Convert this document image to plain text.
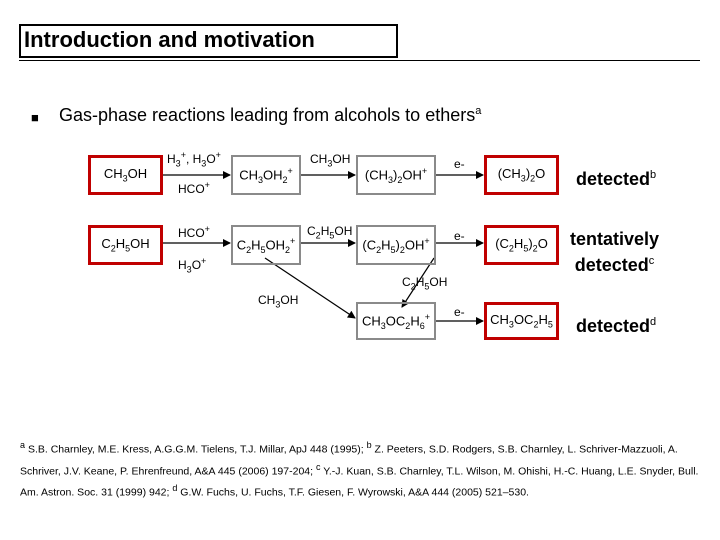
Introduction and motivation
■ Gas-phase reactions leading from alcohols to ethers$^a$
$CH_3OH$
$C_2H_5OH$
$CH_3OH_2^+$
$C_2H_5OH_2^+$
$(CH_3)_2OH^+$
$(C_2H_5)_2OH^+$
$CH_3OC_2H_6^+$
$(CH_3)_2O$
$(C_2H_5)_2O$
$CH_3OC_2H_5$
$H_3^+$, $H_3O^+$
HCO+
HCO+
$H_3O^+$
$CH_3OH$
$C_2H_5OH$
$C_2H_5OH$
$CH_3OH$
e-
e-
e-
detected$^b$
tentatively
detected$^c$
detected$^d$
$^a$ S.B. Charnley, M.E. Kress, A.G.G.M. Tielens, T.J. Millar, ApJ 448 (1995); $^b$ Z. Peeters, S.D. Rodgers, S.B. Charnley, L. Schriver-Mazzuoli, A. Schriver, J.V. Keane, P. Ehrenfreund, A&A 445 (2006) 197-204; $^c$ Y.-J. Kuan, S.B. Charnley, T.L. Wilson, M. Ohishi, H.-C. Huang, L.E. Snyder, Bull. Am. Astron. Soc. 31 (1999) 942; $^d$ G.W. Fuchs, U. Fuchs, T.F. Giesen, F. Wyrowski, A&A 444 (2005) 521–530.
